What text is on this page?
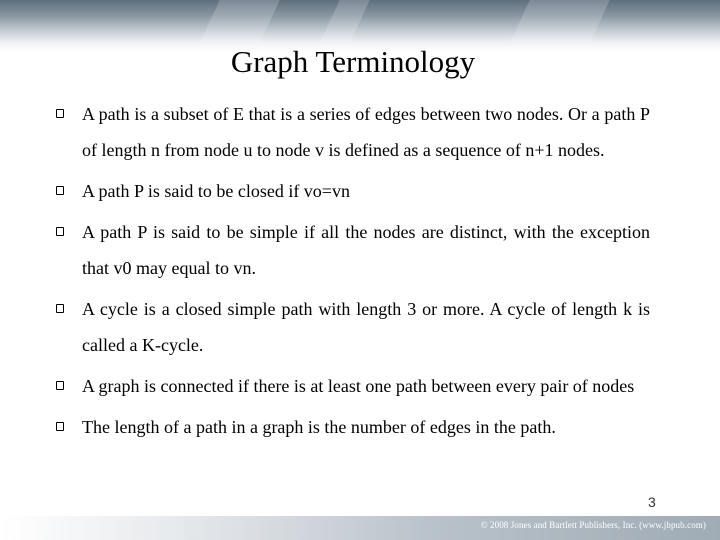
Graph Terminology
A path is a subset of E that is a series of edges between two nodes. Or a path P of length n from node u to node v is defined as a sequence of n+1 nodes.
A path P is said to be closed if vo=vn
A path P is said to be simple if all the nodes are distinct, with the exception that v0 may equal to vn.
A cycle is a closed simple path with length 3 or more. A cycle of length k is called a K-cycle.
A graph is connected if there is at least one path between every pair of nodes
The length of a path in a graph is the number of edges in the path.
3
© 2008 Jones and Bartlett Publishers, Inc. (www.jbpub.com)
